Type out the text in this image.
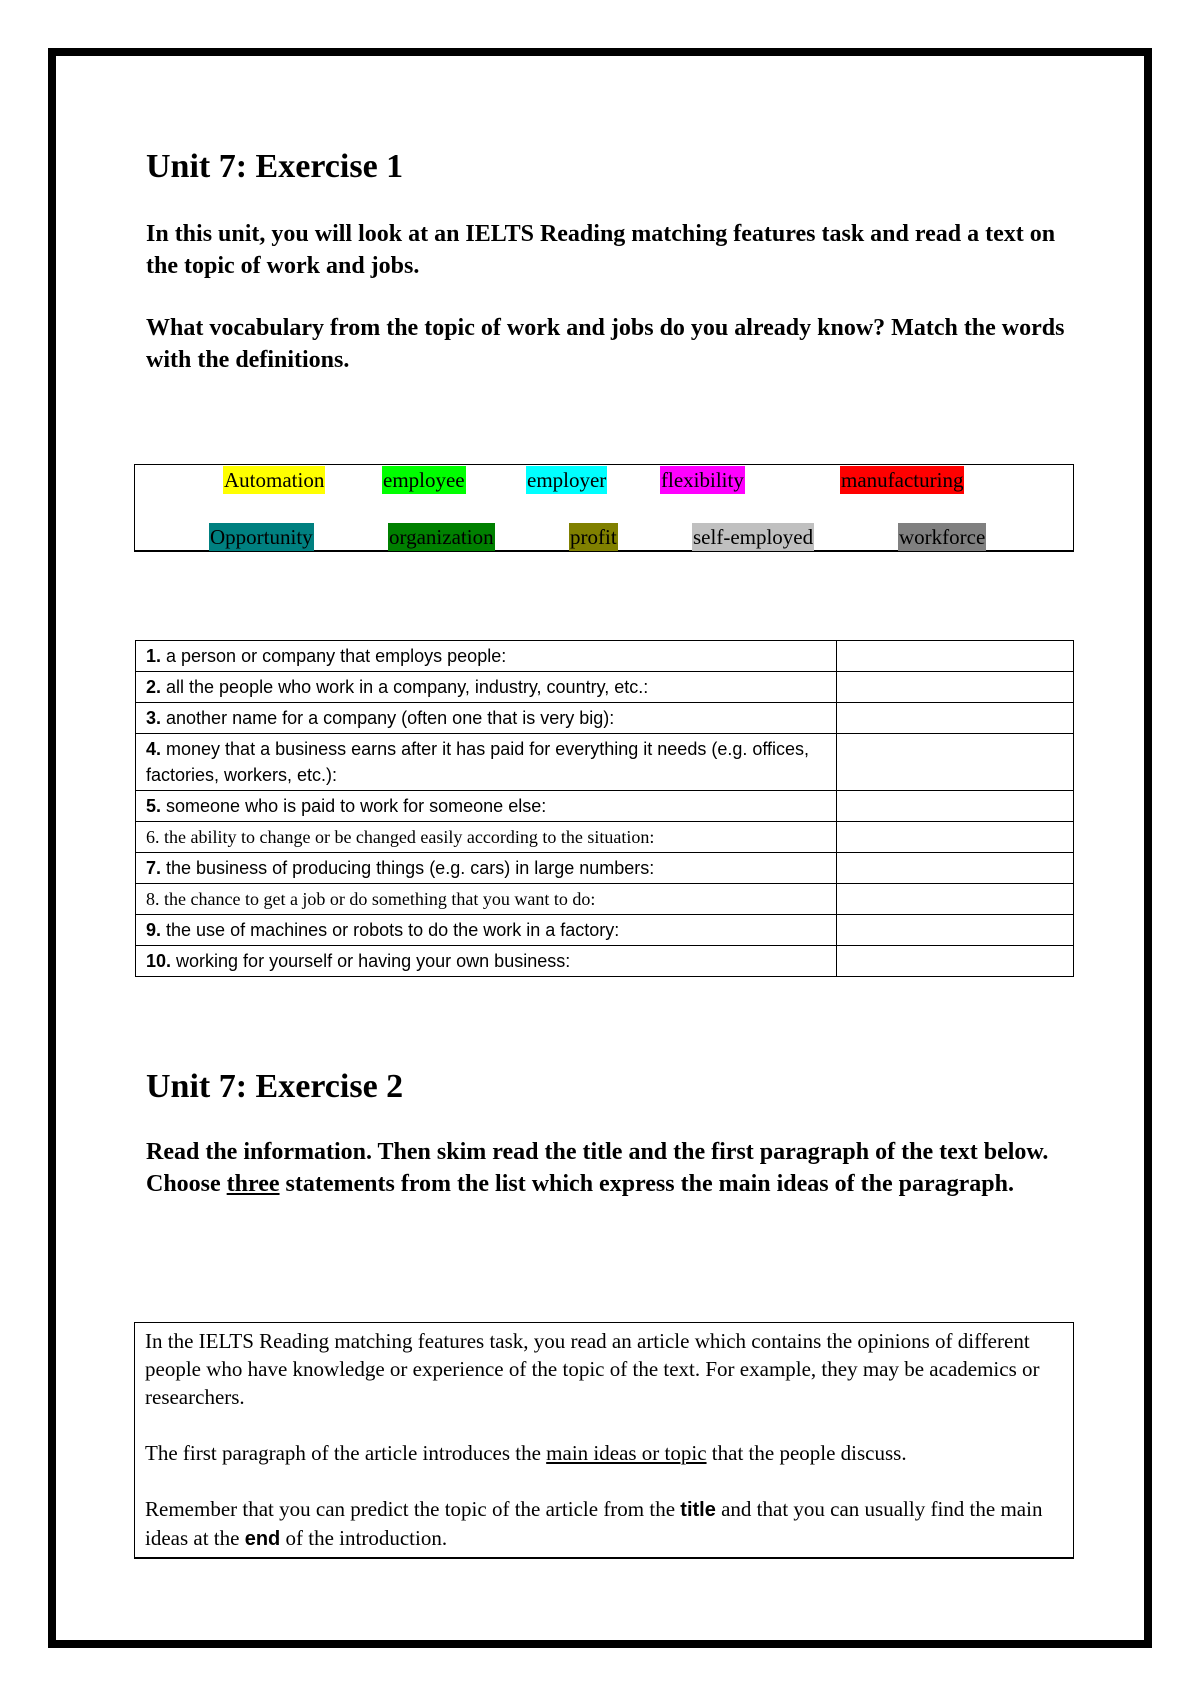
Unit 7: Exercise 1

In this unit, you will look at an IELTS Reading matching features task and read a text on the topic of work and jobs.

What vocabulary from the topic of work and jobs do you already know? Match the words with the definitions.

Automation	employee	employer	flexibility	manufacturing
Opportunity	organization	profit	self-employed	workforce
1. a person or company that employs people:	
2. all the people who work in a company, industry, country, etc.:	
3. another name for a company (often one that is very big):	
4. money that a business earns after it has paid for everything it needs (e.g. offices, factories, workers, etc.):	
5. someone who is paid to work for someone else:	
6. the ability to change or be changed easily according to the situation:	
7. the business of producing things (e.g. cars) in large numbers:	
8. the chance to get a job or do something that you want to do:	
9. the use of machines or robots to do the work in a factory:	
10. working for yourself or having your own business:	
Unit 7: Exercise 2

Read the information. Then skim read the title and the first paragraph of the text below. Choose three statements from the list which express the main ideas of the paragraph.

In the IELTS Reading matching features task, you read an article which contains the opinions of different people who have knowledge or experience of the topic of the text. For example, they may be academics or researchers.

The first paragraph of the article introduces the main ideas or topic that the people discuss.

Remember that you can predict the topic of the article from the title and that you can usually find the main ideas at the end of the introduction.
